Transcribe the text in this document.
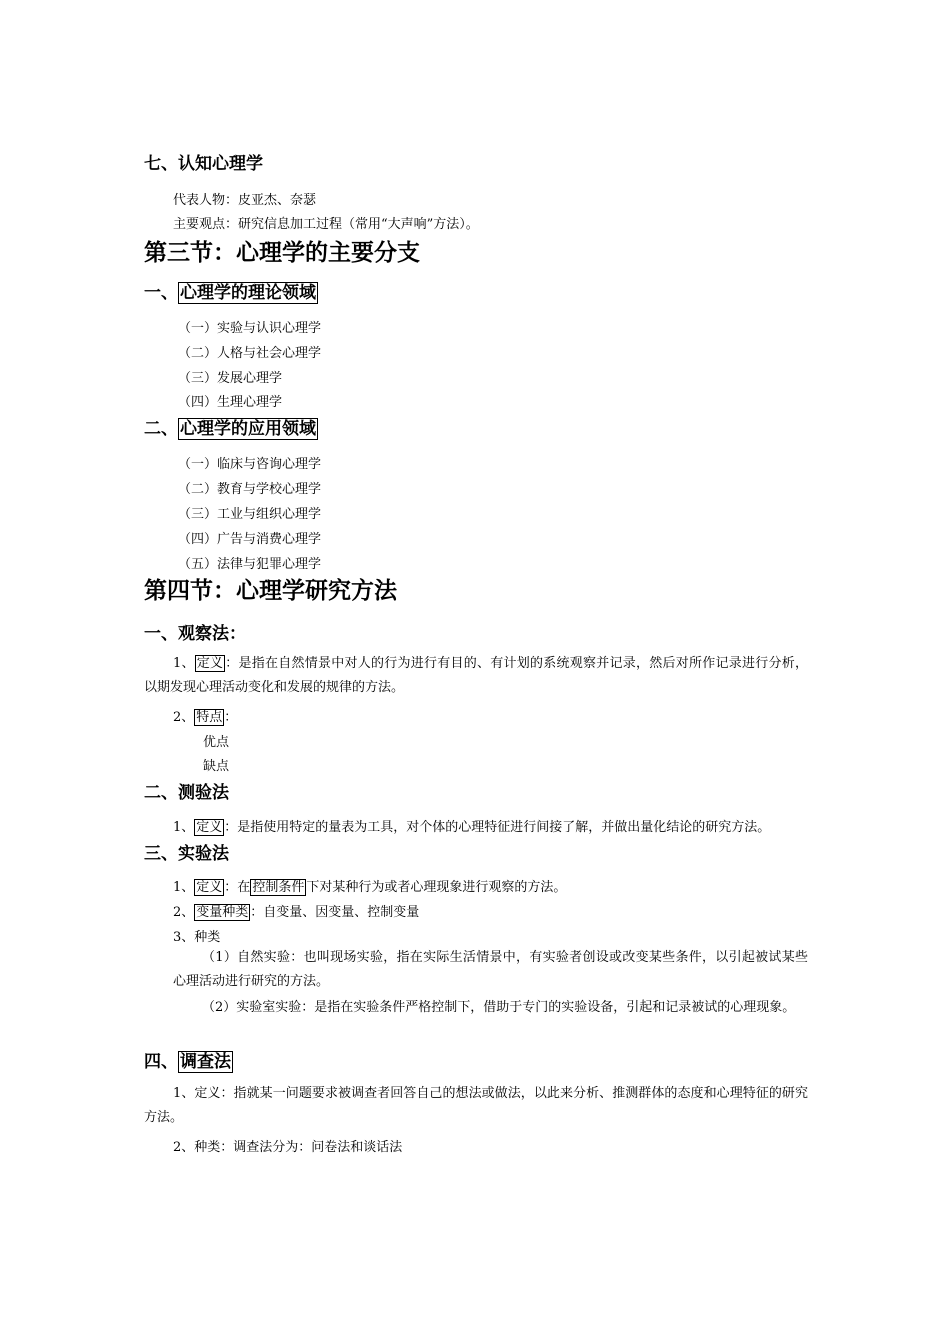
七、认知心理学
代表人物：皮亚杰、奈瑟
主要观点：研究信息加工过程（常用“大声响”方法）。
第三节：心理学的主要分支
一、 心理学的理论领域
（一）实验与认识心理学
（二）人格与社会心理学
（三）发展心理学
（四）生理心理学
二、 心理学的应用领域
（一）临床与咨询心理学
（二）教育与学校心理学
（三）工业与组织心理学
（四）广告与消费心理学
（五）法律与犯罪心理学
第四节：心理学研究方法
一、观察法：
1、 定义 ：是指在自然情景中对人的行为进行有目的、有计划的系统观察并记录，然后对所作记录进行分析，以期发现心理活动变化和发展的规律的方法。
2、 特点 ：
优点
缺点
二、测验法
1、 定义 ：是指使用特定的量表为工具，对个体的心理特征进行间接了解，并做出量化结论的研究方法。
三、实验法
1、 定义 ：在 控制条件 下对某种行为或者心理现象进行观察的方法。
2、 变量种类 ：自变量、因变量、控制变量
3、种类
（1）自然实验：也叫现场实验，指在实际生活情景中，有实验者创设或改变某些条件，以引起被试某些心理活动进行研究的方法。
（2）实验室实验：是指在实验条件严格控制下，借助于专门的实验设备，引起和记录被试的心理现象。
四、 调查法
1、定义：指就某一问题要求被调查者回答自己的想法或做法，以此来分析、推测群体的态度和心理特征的研究方法。
2、种类：调查法分为：问卷法和谈话法
